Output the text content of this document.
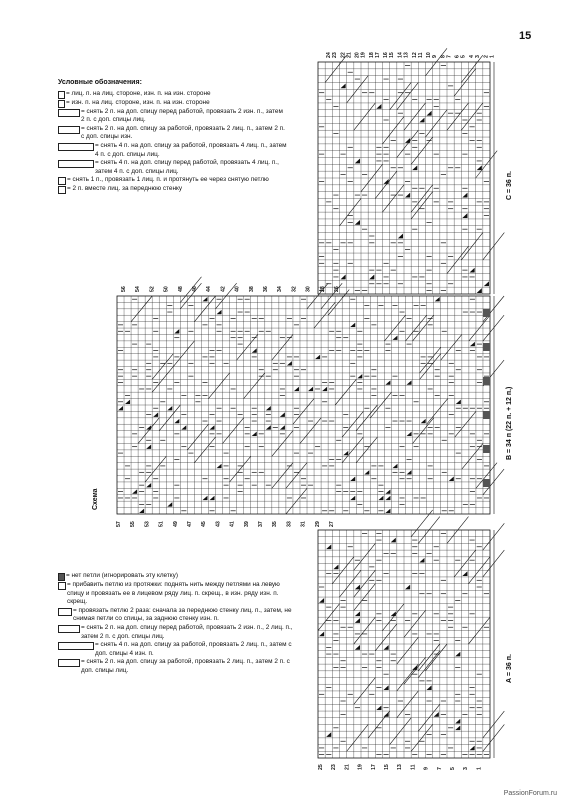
15
Условные обозначения:
= лиц. п. на лиц. стороне, изн. п. на изн. стороне
= изн. п. на лиц. стороне, изн. п. на изн. стороне
= снять 2 п. на доп. спицу перед работой, провязать 2 изн. п., затем 2 п. с доп. спицы лиц.
= снять 2 п. на доп. спицу за работой, провязать 2 лиц. п., затем 2 п. с доп. спицы изн.
= снять 4 п. на доп. спицу за работой, провязать 4 лиц. п., затем 4 п. с доп. спицы лиц.
= снять 4 п. на доп. спицу перед работой, провязать 4 лиц. п., затем 4 п. с доп. спицы лиц.
= снять 1 п., провязать 1 лиц. п. и протянуть ее через снятую петлю
= 2 п. вместе лиц. за переднюю стенку
= нет петли (игнорировать эту клетку)
= прибавить петлю из протяжки: поднять нить между петлями на левую спицу и провязать ее в лицевом ряду лиц. п. скрещ., в изн. ряду изн. п. скрещ.
= провязать петлю 2 раза: сначала за переднюю стенку лиц. п., затем, не снимая петли со спицы, за заднюю стенку изн. п.
= снять 2 п. на доп. спицу перед работой, провязать 2 изн. п., 2 лиц. п., затем 2 п. с доп. спицы лиц.
= снять 4 п. на доп. спицу за работой, провязать 2 лиц. п., затем с доп. спицы 4 изн. п.
= снять 2 п. на доп. спицу за работой, провязать 2 лиц. п., затем 2 п. с доп. спицы лиц.
24 22 20 18 16 14 12 10 8 6 4 2
23 21 19 17 15 13 11 9 7 5 3 1
56 54 52 50 48 46 44 42 40 38 36 34 32 30 28 26
57 55 53 51 49 47 45 43 41 39 37 35 33 31 29 27
25 23 21 19 17 15 13 11 9 7 5 3 1
Схема
С = 36 п.
В = 34 п (22 п. + 12 п.)
А = 36 п.
PassionForum.ru
